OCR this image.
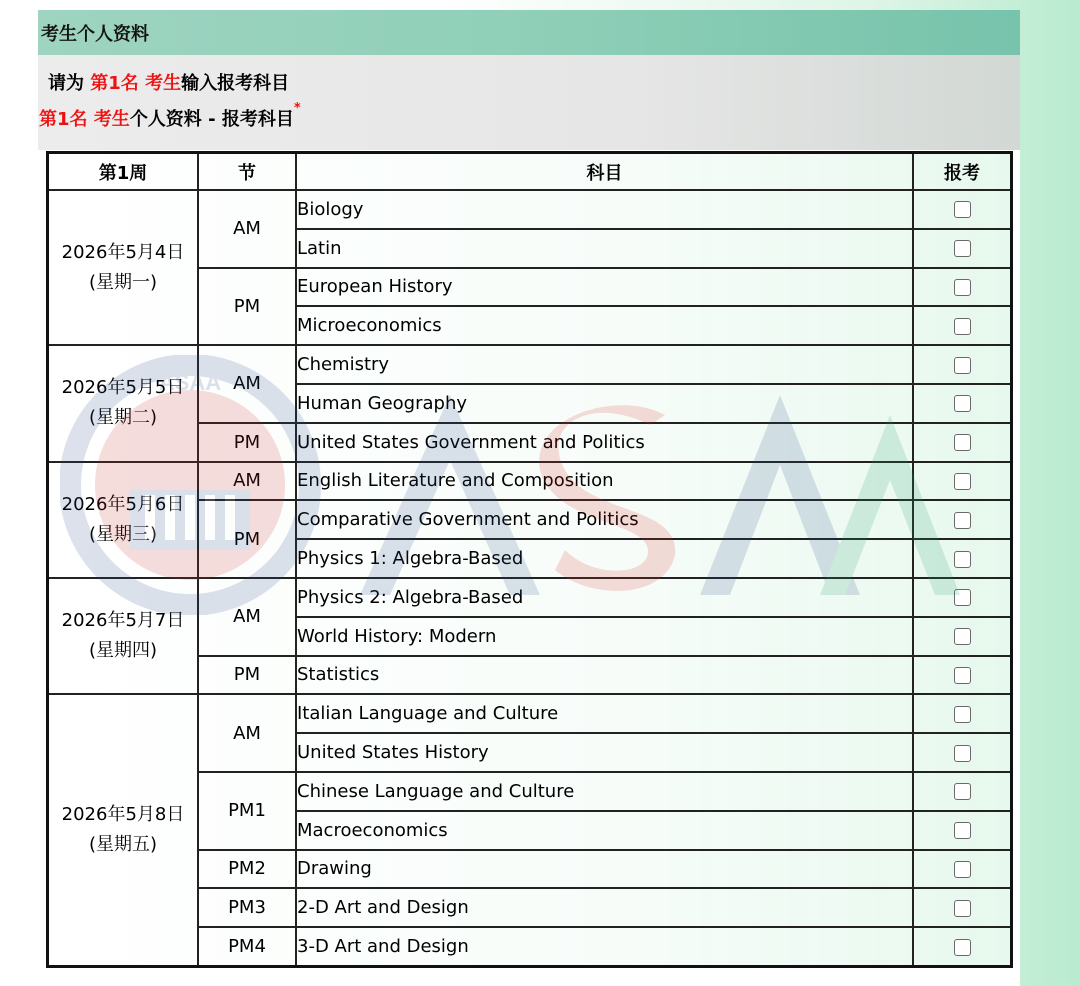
考生个人资料
请为 第1名 考生输入报考科目
第1名 考生个人资料 - 报考科目*
第1周	节	科目	报考

2026年5月4日
(星期一)	AM	Biology	
		Latin	
	PM	European History	
		Microeconomics	

2026年5月5日
(星期二)	AM	Chemistry	
		Human Geography	
	PM	United States Government and Politics	

2026年5月6日
(星期三)	AM	English Literature and Composition	
	PM	Comparative Government and Politics	
		Physics 1: Algebra-Based	

2026年5月7日
(星期四)	AM	Physics 2: Algebra-Based	
		World History: Modern	
	PM	Statistics	

2026年5月8日
(星期五)	AM	Italian Language and Culture	
		United States History	
	PM1	Chinese Language and Culture	
		Macroeconomics	
	PM2	Drawing	
	PM3	2-D Art and Design	
	PM4	3-D Art and Design	
